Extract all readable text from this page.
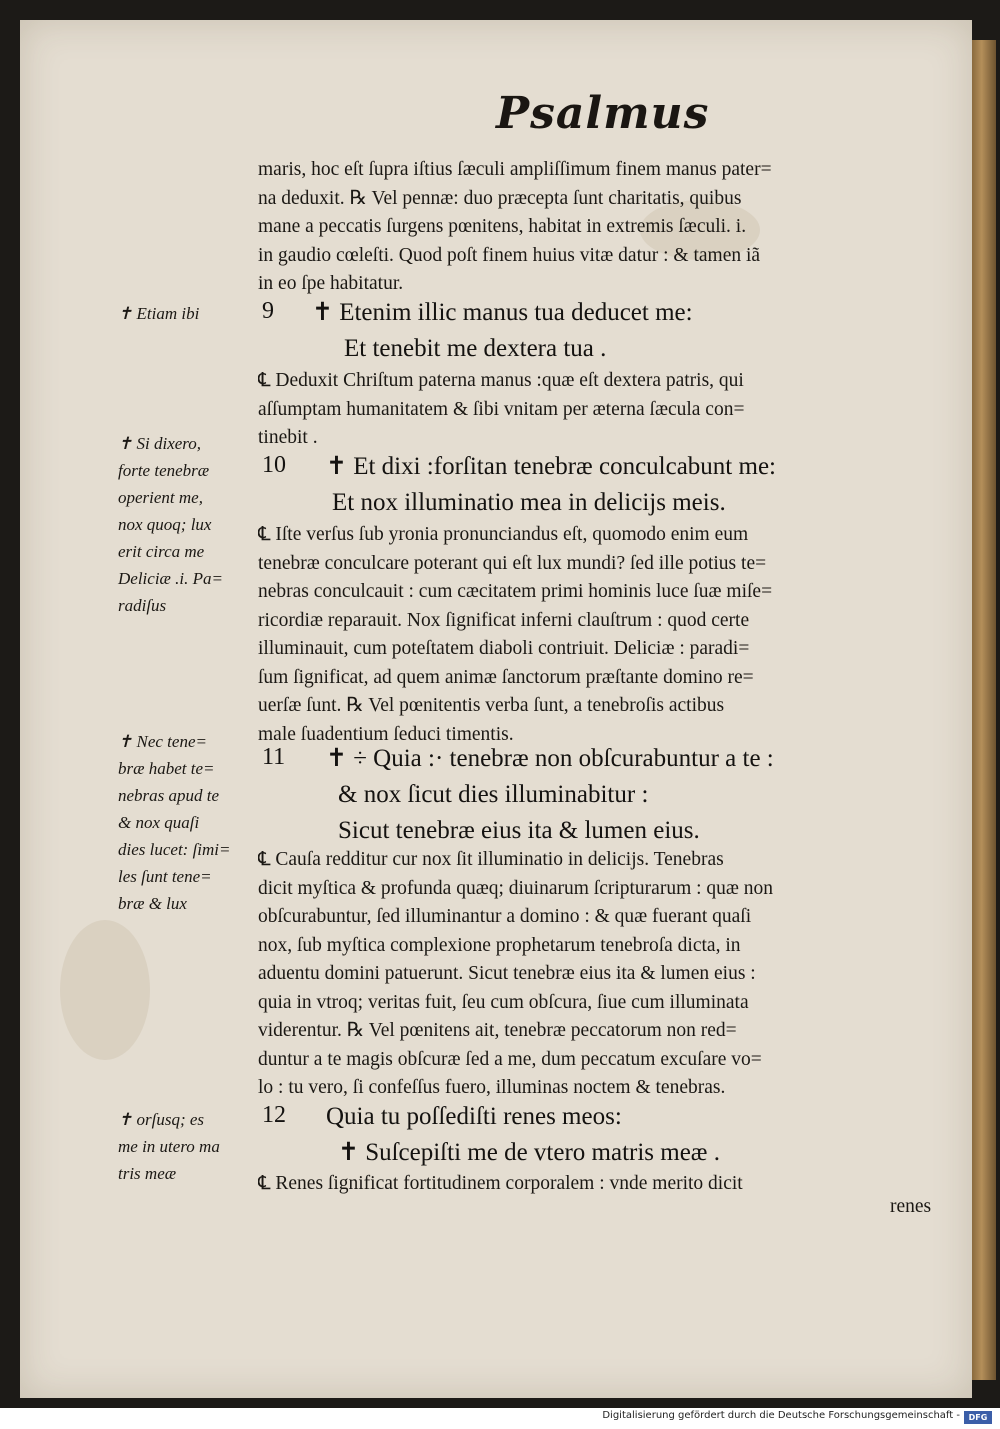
Psalmus
maris, hoc eſt ſupra iſtius ſæculi ampliſſimum finem manus pater=
na deduxit. ℞ Vel pennæ: duo præcepta ſunt charitatis, quibus
mane a peccatis ſurgens pœnitens, habitat in extremis ſæculi. i.
in gaudio cœleſti. Quod poſt finem huius vitæ datur : & tamen iã
in eo ſpe habitatur.
✝ Etiam ibi	9 ✝ Etenim illic manus tua deducet me:
Et tenebit me dextera tua .
℄ Deduxit Chriſtum paterna manus :quæ eſt dextera patris, qui
aſſumptam humanitatem & ſibi vnitam per æterna ſæcula con=
tinebit .
✝ Si dixero,
forte tenebræ
operient me,
nox quoq; lux
erit circa me
Deliciæ .i. Pa=
radiſus
10 ✝ Et dixi :forſitan tenebræ conculcabunt me:
Et nox illuminatio mea in delicijs meis.
℄ Iſte verſus ſub yronia pronunciandus eſt, quomodo enim eum
tenebræ conculcare poterant qui eſt lux mundi? ſed ille potius te=
nebras conculcauit : cum cæcitatem primi hominis luce ſuæ miſe=
ricordiæ reparauit. Nox ſignificat inferni clauſtrum : quod certe
illuminauit, cum poteſtatem diaboli contriuit. Deliciæ : paradi=
ſum ſignificat, ad quem animæ ſanctorum præſtante domino re=
uerſæ ſunt. ℞ Vel pœnitentis verba ſunt, a tenebroſis actibus
male ſuadentium ſeduci timentis.
✝ Nec tene=
bræ habet te=
nebras apud te
& nox quaſi
dies lucet: ſimi=
les ſunt tene=
bræ & lux
11 ✝ ÷ Quia :· tenebræ non obſcurabuntur a te :
& nox ſicut dies illuminabitur :
Sicut tenebræ eius ita & lumen eius.
℄ Cauſa redditur cur nox ſit illuminatio in delicijs. Tenebras
dicit myſtica & profunda quæq; diuinarum ſcripturarum : quæ non
obſcurabuntur, ſed illuminantur a domino : & quæ fuerant quaſi
nox, ſub myſtica complexione prophetarum tenebroſa dicta, in
aduentu domini patuerunt. Sicut tenebræ eius ita & lumen eius :
quia in vtroq; veritas fuit, ſeu cum obſcura, ſiue cum illuminata
viderentur. ℞ Vel pœnitens ait, tenebræ peccatorum non red=
duntur a te magis obſcuræ ſed a me, dum peccatum excuſare vo=
lo : tu vero, ſi confeſſus fuero, illuminas noctem & tenebras.
✝ orſusq; es
me in utero ma
tris meæ
12 Quia tu poſſediſti renes meos:
✝ Suſcepiſti me de vtero matris meæ .
℄ Renes ſignificat fortitudinem corporalem : vnde merito dicit
renes
Digitalisierung gefördert durch die Deutsche Forschungsgemeinschaft -	DFG
